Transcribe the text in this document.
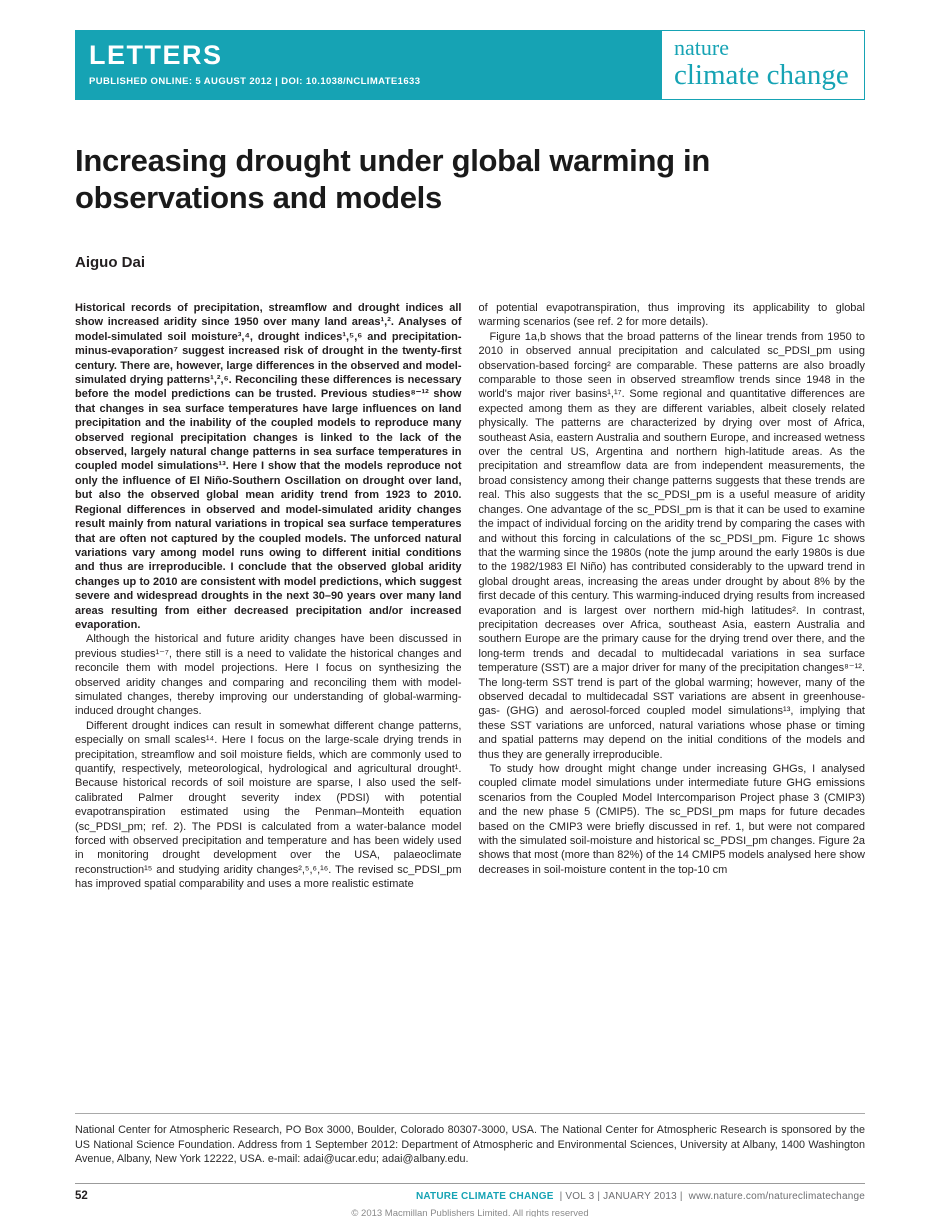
LETTERS
PUBLISHED ONLINE: 5 AUGUST 2012 | DOI: 10.1038/NCLIMATE1633
nature
climate change
Increasing drought under global warming in observations and models
Aiguo Dai

Historical records of precipitation, streamflow and drought indices all show increased aridity since 1950 over many land areas¹,². Analyses of model-simulated soil moisture³,⁴, drought indices¹,⁵,⁶ and precipitation-minus-evaporation⁷ suggest increased risk of drought in the twenty-first century. There are, however, large differences in the observed and model-simulated drying patterns¹,²,⁶. Reconciling these differences is necessary before the model predictions can be trusted. Previous studies⁸⁻¹² show that changes in sea surface temperatures have large influences on land precipitation and the inability of the coupled models to reproduce many observed regional precipitation changes is linked to the lack of the observed, largely natural change patterns in sea surface temperatures in coupled model simulations¹³. Here I show that the models reproduce not only the influence of El Niño-Southern Oscillation on drought over land, but also the observed global mean aridity trend from 1923 to 2010. Regional differences in observed and model-simulated aridity changes result mainly from natural variations in tropical sea surface temperatures that are often not captured by the coupled models. The unforced natural variations vary among model runs owing to different initial conditions and thus are irreproducible. I conclude that the observed global aridity changes up to 2010 are consistent with model predictions, which suggest severe and widespread droughts in the next 30–90 years over many land areas resulting from either decreased precipitation and/or increased evaporation.

Although the historical and future aridity changes have been discussed in previous studies¹⁻⁷, there still is a need to validate the historical changes and reconcile them with model projections. Here I focus on synthesizing the observed aridity changes and comparing and reconciling them with model-simulated changes, thereby improving our understanding of global-warming-induced drought changes.

Different drought indices can result in somewhat different change patterns, especially on small scales¹⁴. Here I focus on the large-scale drying trends in precipitation, streamflow and soil moisture fields, which are commonly used to quantify, respectively, meteorological, hydrological and agricultural drought¹. Because historical records of soil moisture are sparse, I also used the self-calibrated Palmer drought severity index (PDSI) with potential evapotranspiration estimated using the Penman–Monteith equation (sc_PDSI_pm; ref. 2). The PDSI is calculated from a water-balance model forced with observed precipitation and temperature and has been widely used in monitoring drought development over the USA, palaeoclimate reconstruction¹⁵ and studying aridity changes²,⁵,⁶,¹⁶. The revised sc_PDSI_pm has improved spatial comparability and uses a more realistic estimate

of potential evapotranspiration, thus improving its applicability to global warming scenarios (see ref. 2 for more details).

Figure 1a,b shows that the broad patterns of the linear trends from 1950 to 2010 in observed annual precipitation and calculated sc_PDSI_pm using observation-based forcing² are comparable. These patterns are also broadly comparable to those seen in observed streamflow trends since 1948 in the world's major river basins¹,¹⁷. Some regional and quantitative differences are expected among them as they are different variables, albeit closely related physically. The patterns are characterized by drying over most of Africa, southeast Asia, eastern Australia and southern Europe, and increased wetness over the central US, Argentina and northern high-latitude areas. As the precipitation and streamflow data are from independent measurements, the broad consistency among their change patterns suggests that these trends are real. This also suggests that the sc_PDSI_pm is a useful measure of aridity changes. One advantage of the sc_PDSI_pm is that it can be used to examine the impact of individual forcing on the aridity trend by comparing the cases with and without this forcing in calculations of the sc_PDSI_pm. Figure 1c shows that the warming since the 1980s (note the jump around the early 1980s is due to the 1982/1983 El Niño) has contributed considerably to the upward trend in global drought areas, increasing the areas under drought by about 8% by the first decade of this century. This warming-induced drying results from increased evaporation and is largest over northern mid-high latitudes². In contrast, precipitation decreases over Africa, southeast Asia, eastern Australia and southern Europe are the primary cause for the drying trend over there, and the long-term trends and decadal to multidecadal variations in sea surface temperature (SST) are a major driver for many of the precipitation changes⁸⁻¹². The long-term SST trend is part of the global warming; however, many of the observed decadal to multidecadal SST variations are absent in greenhouse-gas- (GHG) and aerosol-forced coupled model simulations¹³, implying that these SST variations are unforced, natural variations whose phase or timing and spatial patterns may depend on the initial conditions of the models and thus they are generally irreproducible.

To study how drought might change under increasing GHGs, I analysed coupled climate model simulations under intermediate future GHG emissions scenarios from the Coupled Model Intercomparison Project phase 3 (CMIP3) and the new phase 5 (CMIP5). The sc_PDSI_pm maps for future decades based on the CMIP3 were briefly discussed in ref. 1, but were not compared with the simulated soil-moisture and historical sc_PDSI_pm changes. Figure 2a shows that most (more than 82%) of the 14 CMIP5 models analysed here show decreases in soil-moisture content in the top-10 cm

National Center for Atmospheric Research, PO Box 3000, Boulder, Colorado 80307-3000, USA. The National Center for Atmospheric Research is sponsored by the US National Science Foundation. Address from 1 September 2012: Department of Atmospheric and Environmental Sciences, University at Albany, 1400 Washington Avenue, Albany, New York 12222, USA. e-mail: adai@ucar.edu; adai@albany.edu.
52	NATURE CLIMATE CHANGE | VOL 3 | JANUARY 2013 | www.nature.com/natureclimatechange
© 2013 Macmillan Publishers Limited. All rights reserved
